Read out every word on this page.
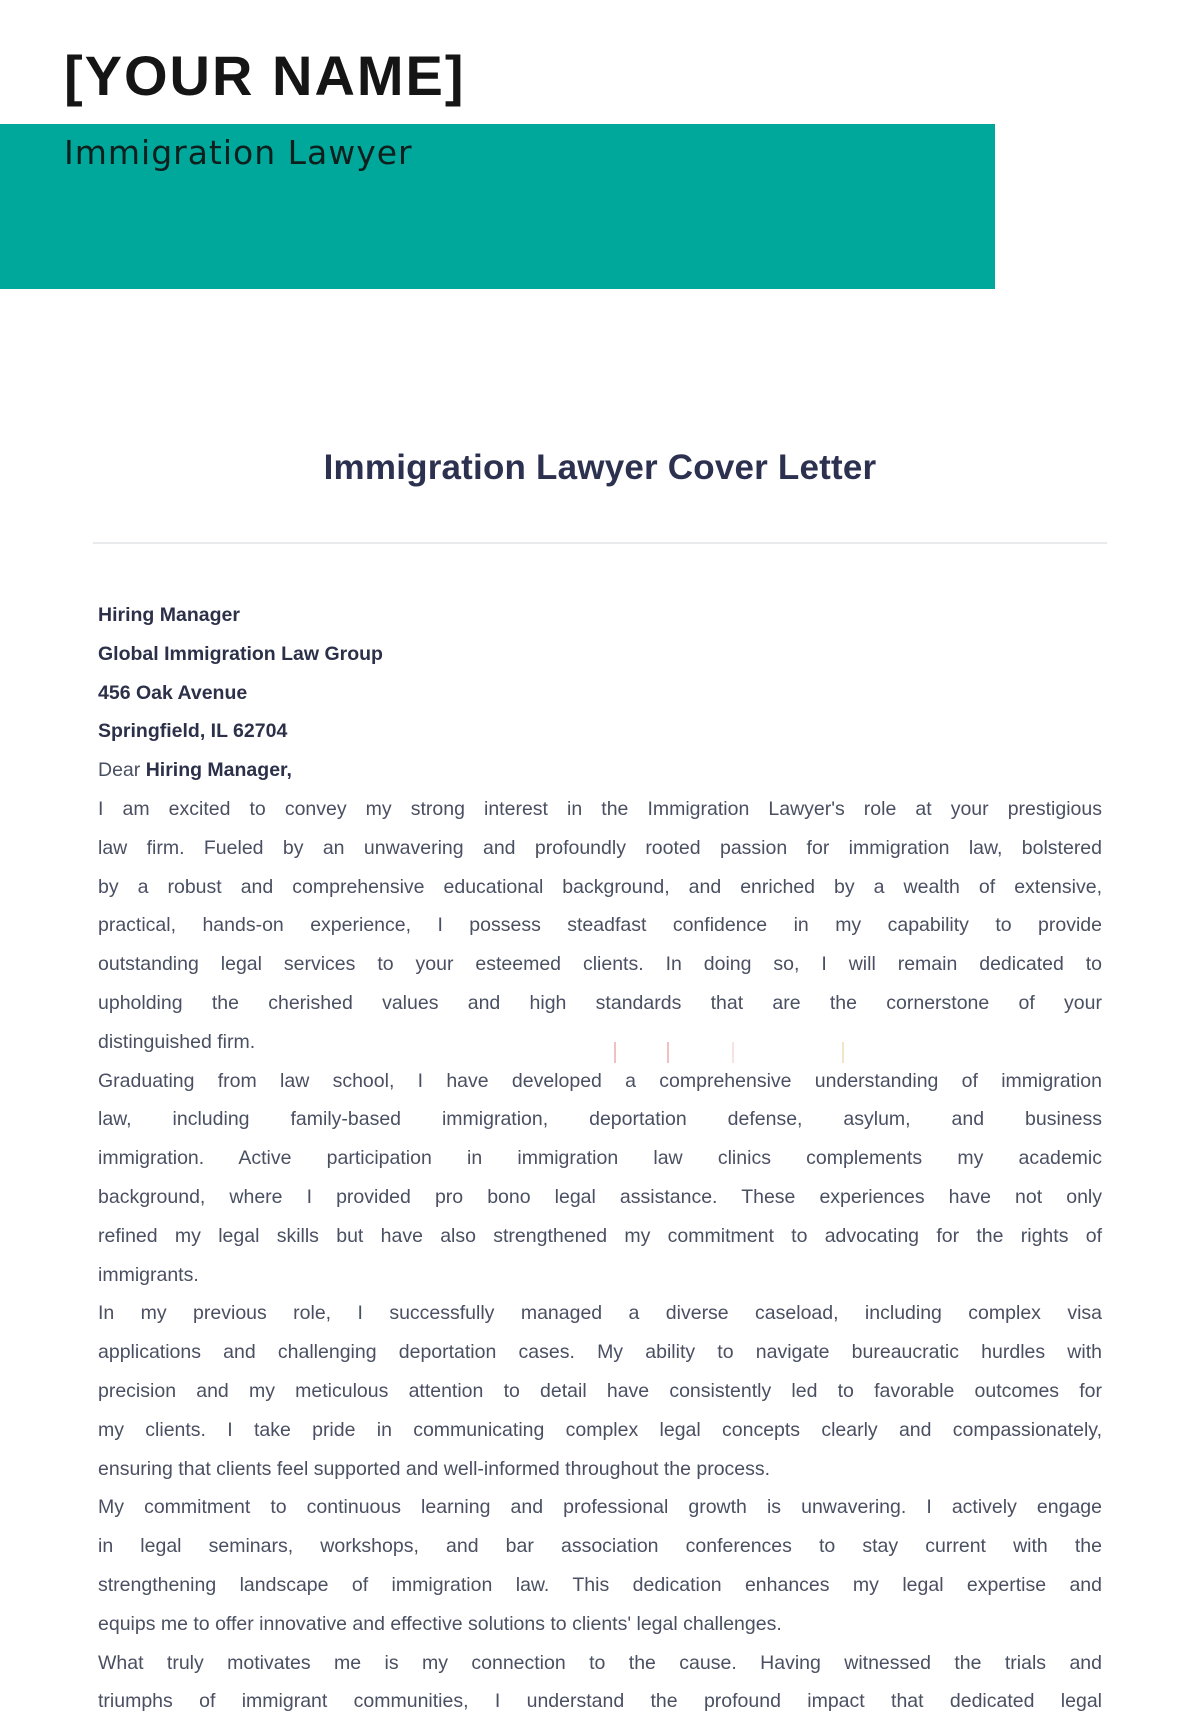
[YOUR NAME]
Immigration Lawyer
Immigration Lawyer Cover Letter
Hiring Manager
Global Immigration Law Group
456 Oak Avenue
Springfield, IL 62704
Dear Hiring Manager,
I am excited to convey my strong interest in the Immigration Lawyer's role at your prestigious
law firm. Fueled by an unwavering and profoundly rooted passion for immigration law, bolstered
by a robust and comprehensive educational background, and enriched by a wealth of extensive,
practical, hands-on experience, I possess steadfast confidence in my capability to provide
outstanding legal services to your esteemed clients. In doing so, I will remain dedicated to
upholding the cherished values and high standards that are the cornerstone of your
distinguished firm.
Graduating from law school, I have developed a comprehensive understanding of immigration
law, including family-based immigration, deportation defense, asylum, and business
immigration. Active participation in immigration law clinics complements my academic
background, where I provided pro bono legal assistance. These experiences have not only
refined my legal skills but have also strengthened my commitment to advocating for the rights of
immigrants.
In my previous role, I successfully managed a diverse caseload, including complex visa
applications and challenging deportation cases. My ability to navigate bureaucratic hurdles with
precision and my meticulous attention to detail have consistently led to favorable outcomes for
my clients. I take pride in communicating complex legal concepts clearly and compassionately,
ensuring that clients feel supported and well-informed throughout the process.
My commitment to continuous learning and professional growth is unwavering. I actively engage
in legal seminars, workshops, and bar association conferences to stay current with the
strengthening landscape of immigration law. This dedication enhances my legal expertise and
equips me to offer innovative and effective solutions to clients' legal challenges.
What truly motivates me is my connection to the cause. Having witnessed the trials and
triumphs of immigrant communities, I understand the profound impact that dedicated legal
